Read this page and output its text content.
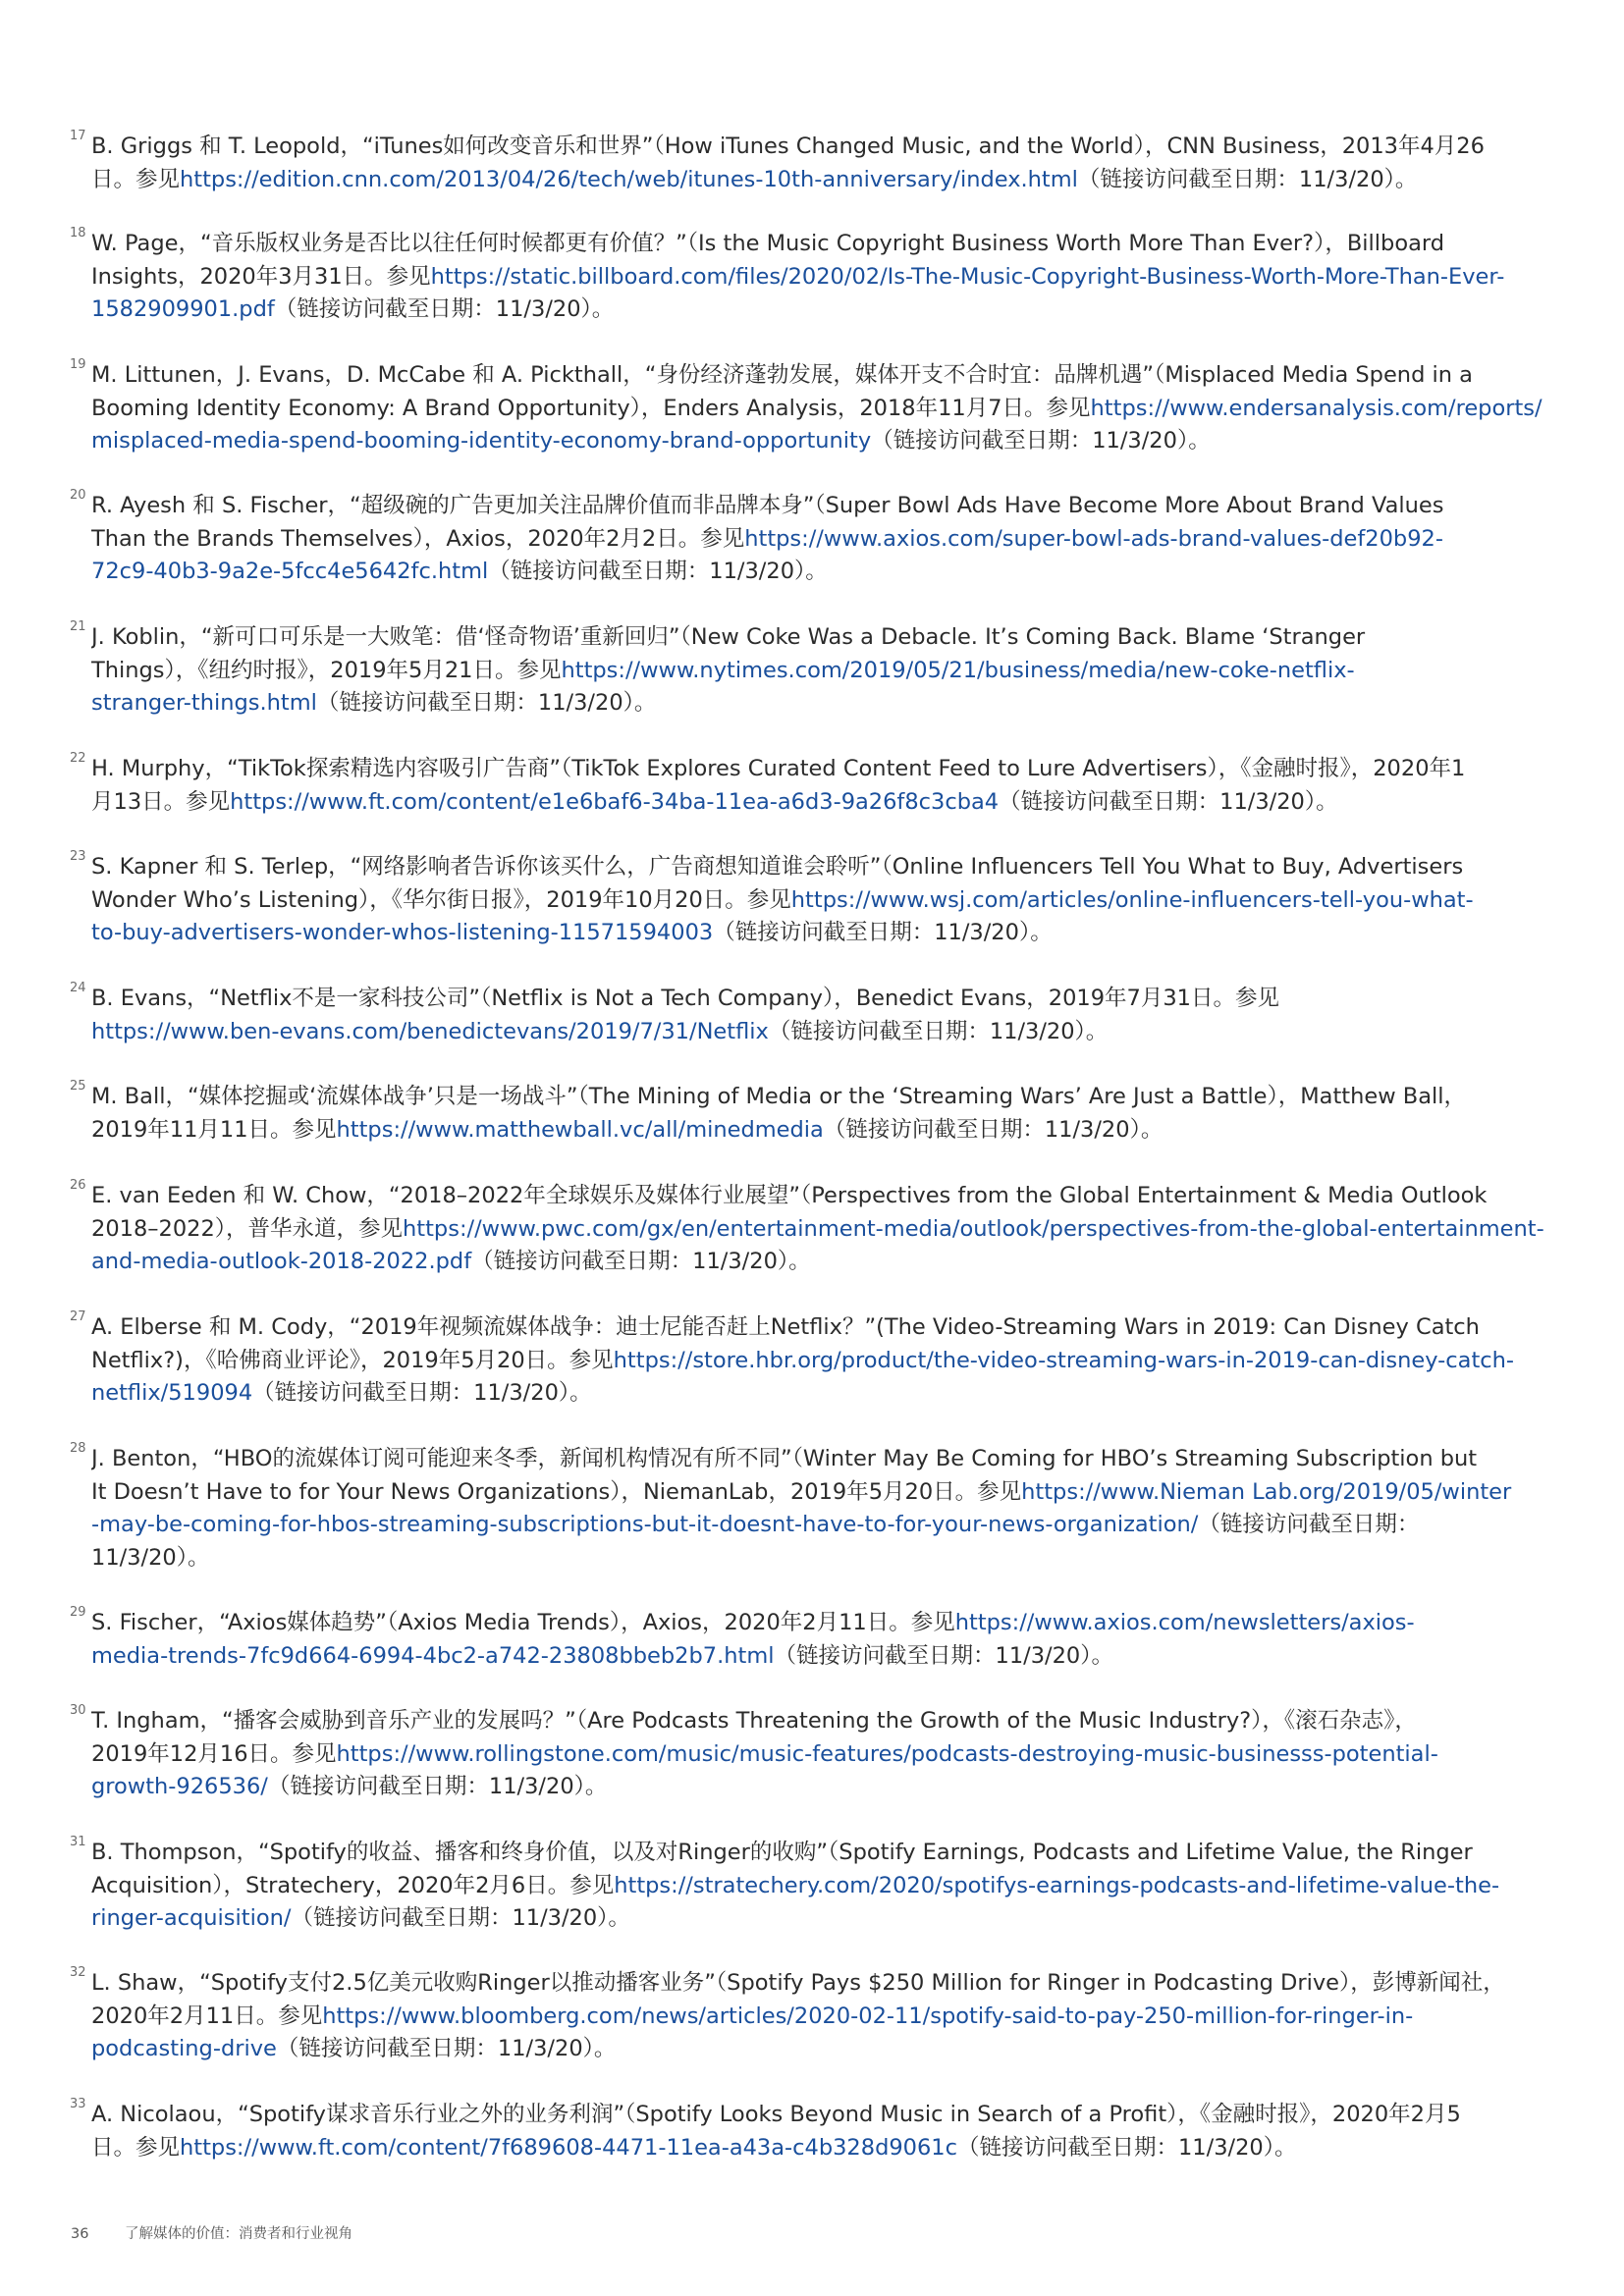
17 B. Griggs 和 T. Leopold，“iTunes如何改变音乐和世界”（How iTunes Changed Music, and the World），CNN Business，2013年4月26
日。参见https://edition.cnn.com/2013/04/26/tech/web/itunes-10th-anniversary/index.html（链接访问截至日期：11/3/20）。
18 W. Page，“音乐版权业务是否比以往任何时候都更有价值？”（Is the Music Copyright Business Worth More Than Ever?），Billboard
Insights，2020年3月31日。参见https://static.billboard.com/files/2020/02/Is-The-Music-Copyright-Business-Worth-More-Than-Ever-
1582909901.pdf（链接访问截至日期：11/3/20）。
19 M. Littunen，J. Evans，D. McCabe 和 A. Pickthall，“身份经济蓬勃发展，媒体开支不合时宜：品牌机遇”（Misplaced Media Spend in a
Booming Identity Economy: A Brand Opportunity），Enders Analysis，2018年11月7日。参见https://www.endersanalysis.com/reports/
misplaced-media-spend-booming-identity-economy-brand-opportunity（链接访问截至日期：11/3/20）。
20 R. Ayesh 和 S. Fischer，“超级碗的广告更加关注品牌价值而非品牌本身”（Super Bowl Ads Have Become More About Brand Values
Than the Brands Themselves），Axios，2020年2月2日。参见https://www.axios.com/super-bowl-ads-brand-values-def20b92-
72c9-40b3-9a2e-5fcc4e5642fc.html（链接访问截至日期：11/3/20）。
21 J. Koblin，“新可口可乐是一大败笔：借‘怪奇物语’重新回归”（New Coke Was a Debacle. It’s Coming Back. Blame ‘Stranger
Things），《纽约时报》，2019年5月21日。参见https://www.nytimes.com/2019/05/21/business/media/new-coke-netflix-
stranger-things.html（链接访问截至日期：11/3/20）。
22 H. Murphy，“TikTok探索精选内容吸引广告商”（TikTok Explores Curated Content Feed to Lure Advertisers），《金融时报》，2020年1
月13日。参见https://www.ft.com/content/e1e6baf6-34ba-11ea-a6d3-9a26f8c3cba4（链接访问截至日期：11/3/20）。
23 S. Kapner 和 S. Terlep，“网络影响者告诉你该买什么，广告商想知道谁会聆听”（Online Influencers Tell You What to Buy, Advertisers
Wonder Who’s Listening），《华尔街日报》，2019年10月20日。参见https://www.wsj.com/articles/online-influencers-tell-you-what-
to-buy-advertisers-wonder-whos-listening-11571594003（链接访问截至日期：11/3/20）。
24 B. Evans，“Netflix不是一家科技公司”（Netflix is Not a Tech Company），Benedict Evans，2019年7月31日。参见
https://www.ben-evans.com/benedictevans/2019/7/31/Netflix（链接访问截至日期：11/3/20）。
25 M. Ball，“媒体挖掘或‘流媒体战争’只是一场战斗”（The Mining of Media or the ‘Streaming Wars’ Are Just a Battle），Matthew Ball，
2019年11月11日。参见https://www.matthewball.vc/all/minedmedia（链接访问截至日期：11/3/20）。
26 E. van Eeden 和 W. Chow，“2018–2022年全球娱乐及媒体行业展望”（Perspectives from the Global Entertainment & Media Outlook
2018–2022），普华永道，参见https://www.pwc.com/gx/en/entertainment-media/outlook/perspectives-from-the-global-entertainment-
and-media-outlook-2018-2022.pdf（链接访问截至日期：11/3/20）。
27 A. Elberse 和 M. Cody，“2019年视频流媒体战争：迪士尼能否赶上Netflix？”(The Video-Streaming Wars in 2019: Can Disney Catch
Netflix?)，《哈佛商业评论》，2019年5月20日。参见https://store.hbr.org/product/the-video-streaming-wars-in-2019-can-disney-catch-
netflix/519094（链接访问截至日期：11/3/20）。
28 J. Benton，“HBO的流媒体订阅可能迎来冬季，新闻机构情况有所不同”（Winter May Be Coming for HBO’s Streaming Subscription but
It Doesn’t Have to for Your News Organizations），NiemanLab，2019年5月20日。参见https://www.Nieman Lab.org/2019/05/winter
-may-be-coming-for-hbos-streaming-subscriptions-but-it-doesnt-have-to-for-your-news-organization/（链接访问截至日期：
11/3/20）。
29 S. Fischer，“Axios媒体趋势”（Axios Media Trends），Axios，2020年2月11日。参见https://www.axios.com/newsletters/axios-
media-trends-7fc9d664-6994-4bc2-a742-23808bbeb2b7.html（链接访问截至日期：11/3/20）。
30 T. Ingham，“播客会威胁到音乐产业的发展吗？”（Are Podcasts Threatening the Growth of the Music Industry?），《滚石杂志》，
2019年12月16日。参见https://www.rollingstone.com/music/music-features/podcasts-destroying-music-businesss-potential-
growth-926536/（链接访问截至日期：11/3/20）。
31 B. Thompson，“Spotify的收益、播客和终身价值，以及对Ringer的收购”（Spotify Earnings, Podcasts and Lifetime Value, the Ringer
Acquisition），Stratechery，2020年2月6日。参见https://stratechery.com/2020/spotifys-earnings-podcasts-and-lifetime-value-the-
ringer-acquisition/（链接访问截至日期：11/3/20）。
32 L. Shaw，“Spotify支付2.5亿美元收购Ringer以推动播客业务”（Spotify Pays $250 Million for Ringer in Podcasting Drive），彭博新闻社，
2020年2月11日。参见https://www.bloomberg.com/news/articles/2020-02-11/spotify-said-to-pay-250-million-for-ringer-in-
podcasting-drive（链接访问截至日期：11/3/20）。
33 A. Nicolaou，“Spotify谋求音乐行业之外的业务利润”（Spotify Looks Beyond Music in Search of a Profit），《金融时报》，2020年2月5
日。参见https://www.ft.com/content/7f689608-4471-11ea-a43a-c4b328d9061c（链接访问截至日期：11/3/20）。
36	了解媒体的价值：消费者和行业视角
